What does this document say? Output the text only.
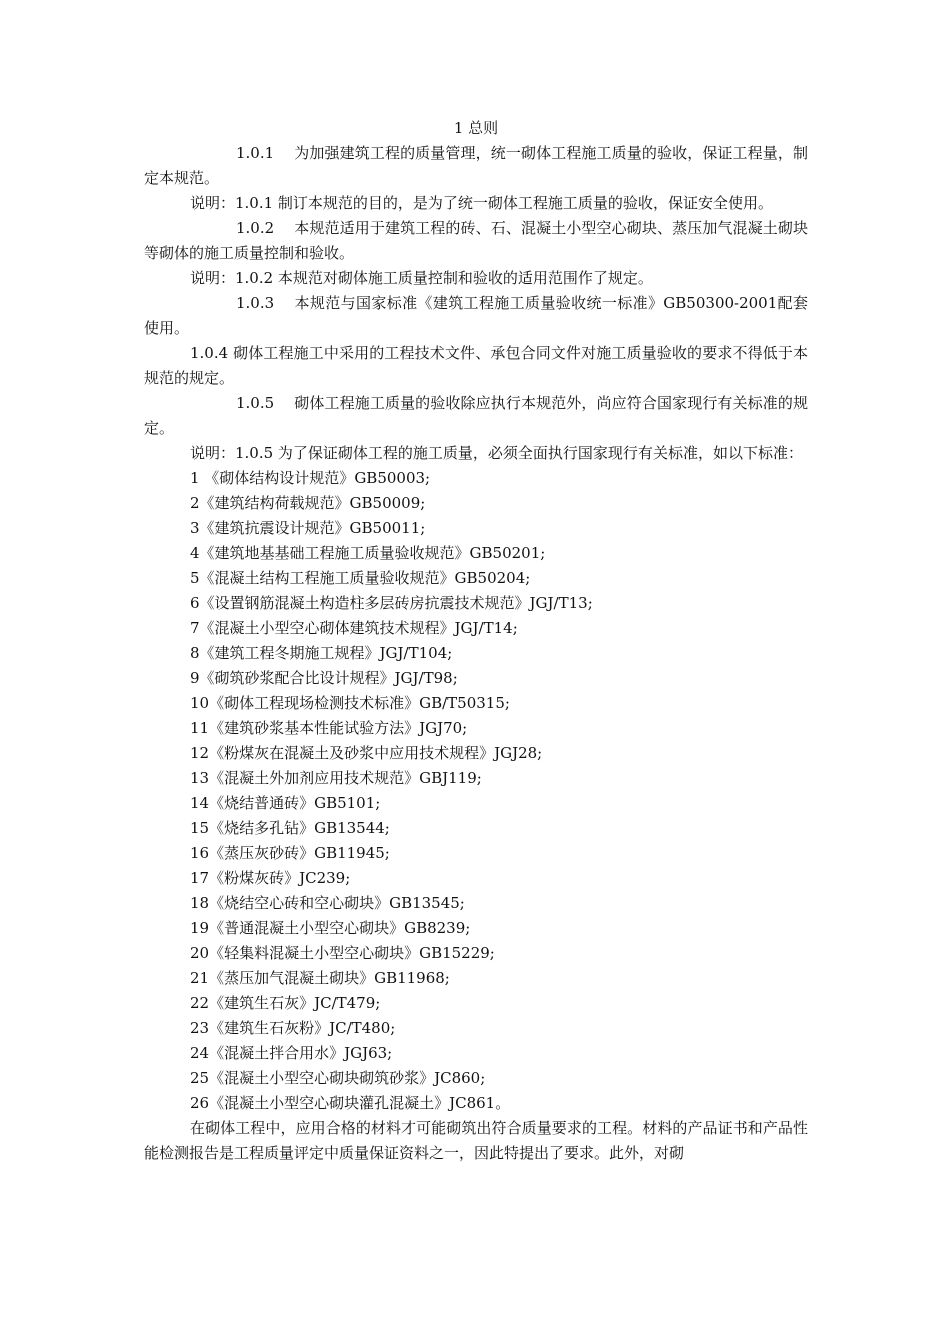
1 总则

1.0.1 为加强建筑工程的质量管理，统一砌体工程施工质量的验收，保证工程量，制定本规范。

说明：1.0.1 制订本规范的目的，是为了统一砌体工程施工质量的验收，保证安全使用。

1.0.2 本规范适用于建筑工程的砖、石、混凝土小型空心砌块、蒸压加气混凝土砌块等砌体的施工质量控制和验收。

说明：1.0.2 本规范对砌体施工质量控制和验收的适用范围作了规定。

1.0.3 本规范与国家标准《建筑工程施工质量验收统一标准》GB50300-2001配套使用。

1.0.4 砌体工程施工中采用的工程技术文件、承包合同文件对施工质量验收的要求不得低于本规范的规定。

1.0.5 砌体工程施工质量的验收除应执行本规范外，尚应符合国家现行有关标准的规定。

说明：1.0.5 为了保证砌体工程的施工质量，必须全面执行国家现行有关标准，如以下标准：

1 《砌体结构设计规范》GB50003;
2《建筑结构荷载规范》GB50009;
3《建筑抗震设计规范》GB50011;
4《建筑地基基础工程施工质量验收规范》GB50201;
5《混凝土结构工程施工质量验收规范》GB50204;
6《设置钢筋混凝土构造柱多层砖房抗震技术规范》JGJ/T13;
7《混凝土小型空心砌体建筑技术规程》JGJ/T14;
8《建筑工程冬期施工规程》JGJ/T104;
9《砌筑砂浆配合比设计规程》JGJ/T98;
10《砌体工程现场检测技术标准》GB/T50315;
11《建筑砂浆基本性能试验方法》JGJ70;
12《粉煤灰在混凝土及砂浆中应用技术规程》JGJ28;
13《混凝土外加剂应用技术规范》GBJ119;
14《烧结普通砖》GB5101;
15《烧结多孔钻》GB13544;
16《蒸压灰砂砖》GB11945;
17《粉煤灰砖》JC239;
18《烧结空心砖和空心砌块》GB13545;
19《普通混凝土小型空心砌块》GB8239;
20《轻集料混凝土小型空心砌块》GB15229;
21《蒸压加气混凝土砌块》GB11968;
22《建筑生石灰》JC/T479;
23《建筑生石灰粉》JC/T480;
24《混凝土拌合用水》JGJ63;
25《混凝土小型空心砌块砌筑砂浆》JC860;
26《混凝土小型空心砌块灌孔混凝土》JC861。

在砌体工程中，应用合格的材料才可能砌筑出符合质量要求的工程。材料的产品证书和产品性能检测报告是工程质量评定中质量保证资料之一，因此特提出了要求。此外，对砌
